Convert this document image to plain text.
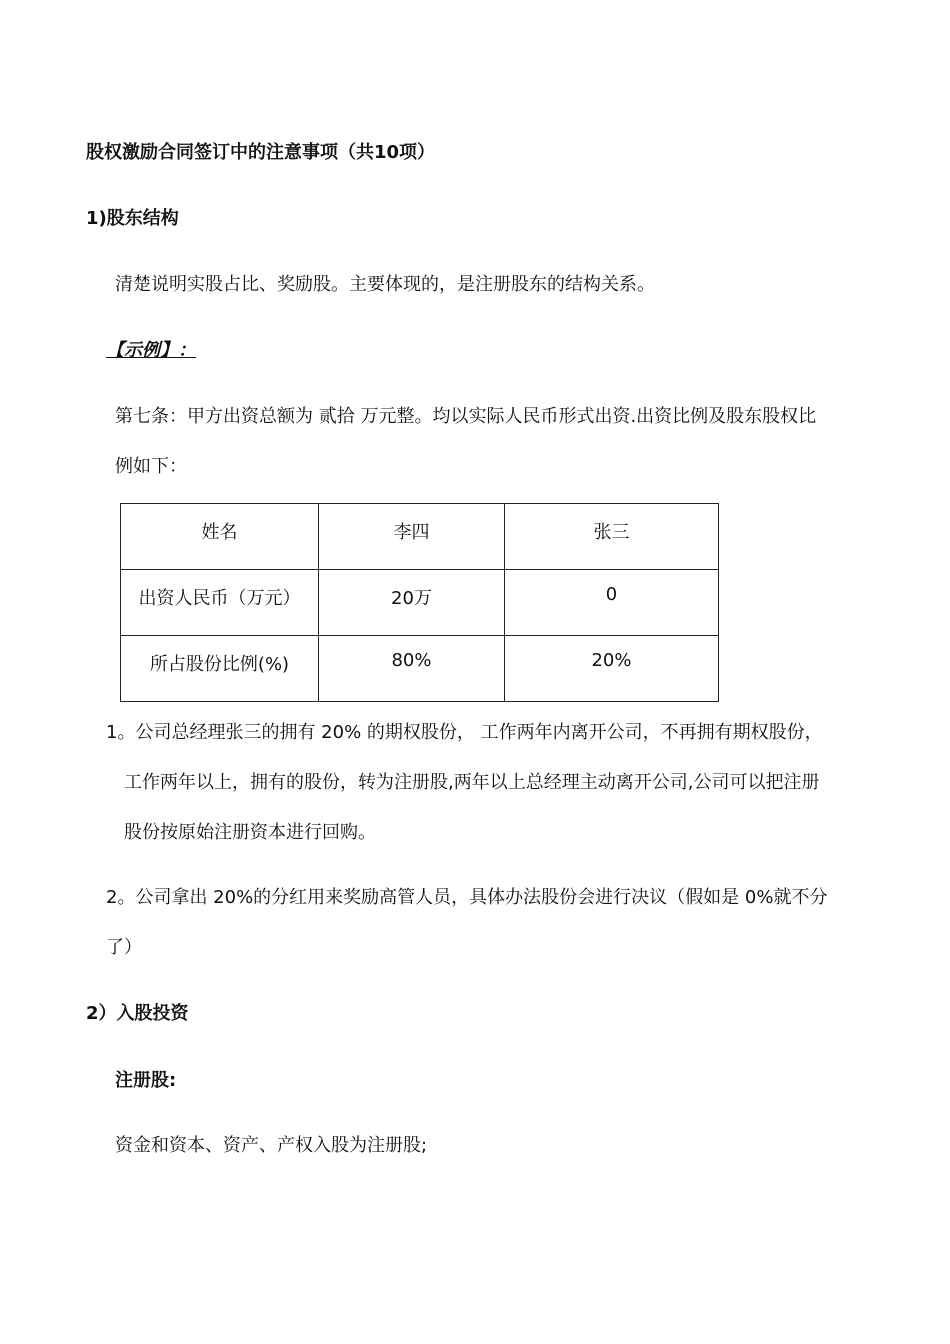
股权激励合同签订中的注意事项（共10项）
1)股东结构
清楚说明实股占比、奖励股。主要体现的，是注册股东的结构关系。
【示例】：
第七条：甲方出资总额为 贰拾 万元整。均以实际人民币形式出资.出资比例及股东股权比
例如下：
姓名	李四	张三

出资人民币（万元）	20万	0

所占股份比例(%)	80%	20%
1。公司总经理张三的拥有 20% 的期权股份， 工作两年内离开公司，不再拥有期权股份，
工作两年以上，拥有的股份，转为注册股,两年以上总经理主动离开公司,公司可以把注册
股份按原始注册资本进行回购。
2。公司拿出 20%的分红用来奖励高管人员，具体办法股份会进行决议（假如是 0%就不分
了）
2）入股投资
注册股:
资金和资本、资产、产权入股为注册股;
